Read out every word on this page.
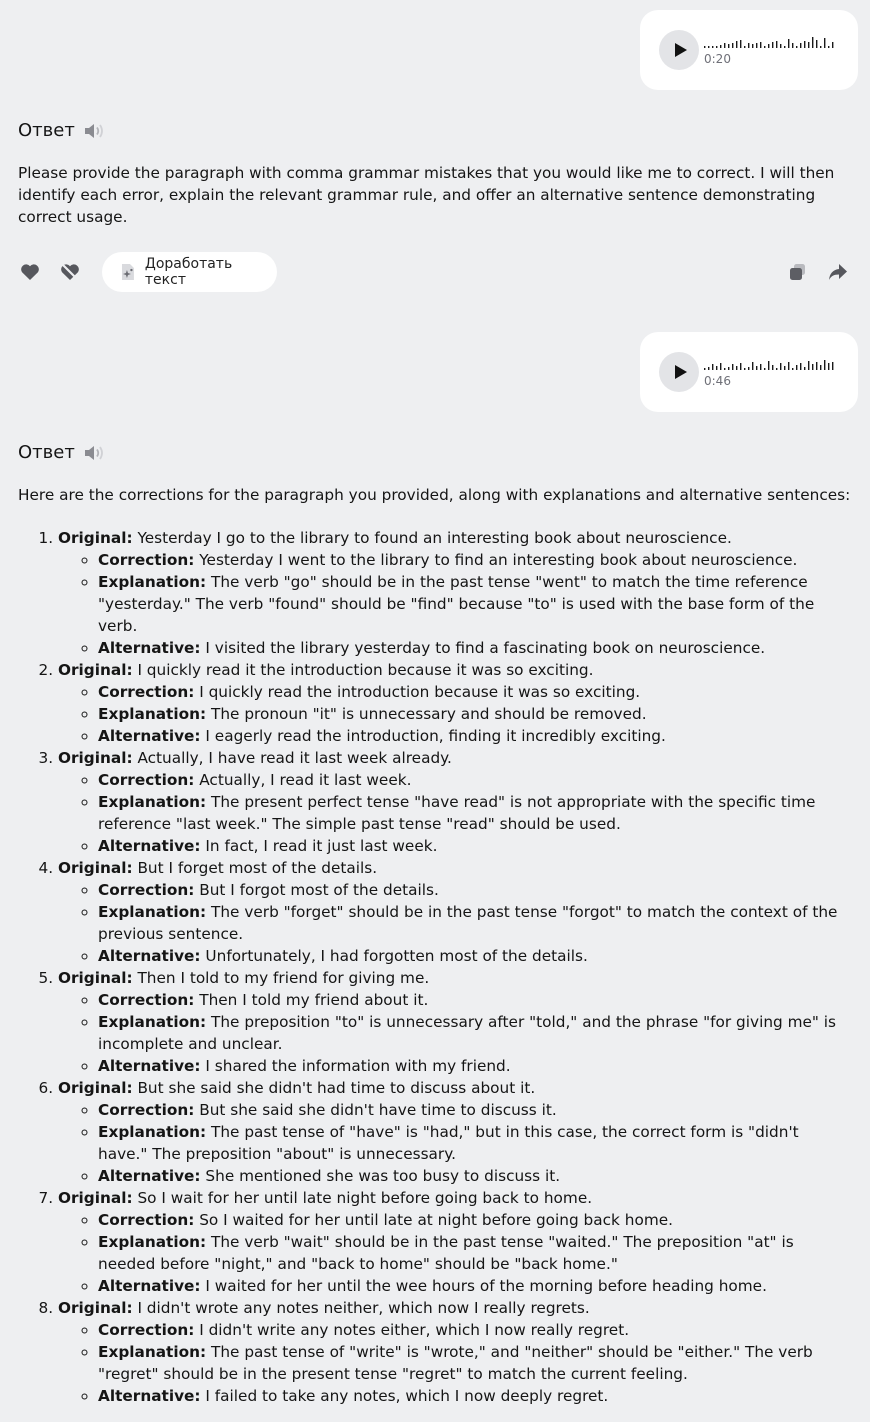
0:20
Ответ

Please provide the paragraph with comma grammar mistakes that you would like me to correct. I will then identify each error, explain the relevant grammar rule, and offer an alternative sentence demonstrating correct usage.

Доработать текст
0:46
Ответ

Here are the corrections for the paragraph you provided, along with explanations and alternative sentences:

1. Original: Yesterday I go to the library to found an interesting book about neuroscience.
◦ Correction: Yesterday I went to the library to find an interesting book about neuroscience.
◦ Explanation: The verb "go" should be in the past tense "went" to match the time reference "yesterday." The verb "found" should be "find" because "to" is used with the base form of the verb.
◦ Alternative: I visited the library yesterday to find a fascinating book on neuroscience.
2. Original: I quickly read it the introduction because it was so exciting.
◦ Correction: I quickly read the introduction because it was so exciting.
◦ Explanation: The pronoun "it" is unnecessary and should be removed.
◦ Alternative: I eagerly read the introduction, finding it incredibly exciting.
3. Original: Actually, I have read it last week already.
◦ Correction: Actually, I read it last week.
◦ Explanation: The present perfect tense "have read" is not appropriate with the specific time reference "last week." The simple past tense "read" should be used.
◦ Alternative: In fact, I read it just last week.
4. Original: But I forget most of the details.
◦ Correction: But I forgot most of the details.
◦ Explanation: The verb "forget" should be in the past tense "forgot" to match the context of the previous sentence.
◦ Alternative: Unfortunately, I had forgotten most of the details.
5. Original: Then I told to my friend for giving me.
◦ Correction: Then I told my friend about it.
◦ Explanation: The preposition "to" is unnecessary after "told," and the phrase "for giving me" is incomplete and unclear.
◦ Alternative: I shared the information with my friend.
6. Original: But she said she didn't had time to discuss about it.
◦ Correction: But she said she didn't have time to discuss it.
◦ Explanation: The past tense of "have" is "had," but in this case, the correct form is "didn't have." The preposition "about" is unnecessary.
◦ Alternative: She mentioned she was too busy to discuss it.
7. Original: So I wait for her until late night before going back to home.
◦ Correction: So I waited for her until late at night before going back home.
◦ Explanation: The verb "wait" should be in the past tense "waited." The preposition "at" is needed before "night," and "back to home" should be "back home."
◦ Alternative: I waited for her until the wee hours of the morning before heading home.
8. Original: I didn't wrote any notes neither, which now I really regrets.
◦ Correction: I didn't write any notes either, which I now really regret.
◦ Explanation: The past tense of "write" is "wrote," and "neither" should be "either." The verb "regret" should be in the present tense "regret" to match the current feeling.
◦ Alternative: I failed to take any notes, which I now deeply regret.
